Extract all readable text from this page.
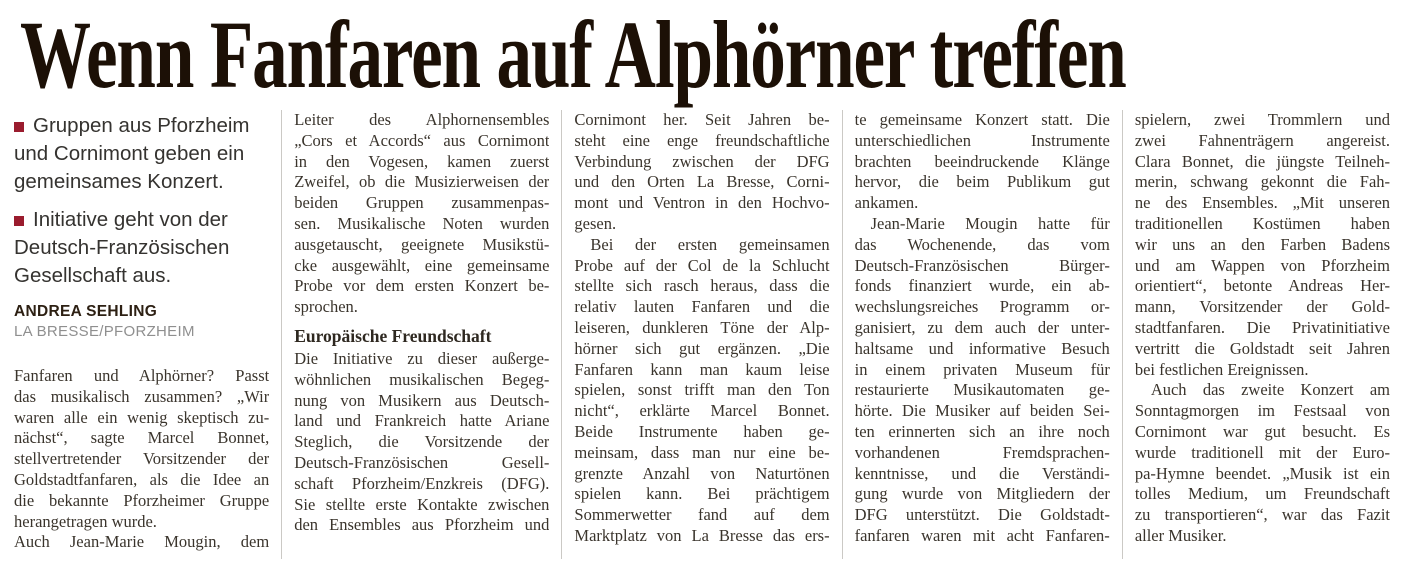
Wenn Fanfaren auf Alphörner treffen
Gruppen aus Pforzheim
und Cornimont geben ein
gemeinsames Konzert.
Initiative geht von der
Deutsch-Französischen
Gesellschaft aus.
ANDREA SEHLING
LA BRESSE/PFORZHEIM
Fanfaren und Alphörner? Passt
das musikalisch zusammen? „Wir
waren alle ein wenig skeptisch zu-
nächst“, sagte Marcel Bonnet,
stellvertretender Vorsitzender der
Goldstadtfanfaren, als die Idee an
die bekannte Pforzheimer Gruppe
herangetragen wurde.
Auch Jean-Marie Mougin, dem
Leiter des Alphornensembles
„Cors et Accords“ aus Cornimont
in den Vogesen, kamen zuerst
Zweifel, ob die Musizierweisen der
beiden Gruppen zusammenpas-
sen. Musikalische Noten wurden
ausgetauscht, geeignete Musikstü-
cke ausgewählt, eine gemeinsame
Probe vor dem ersten Konzert be-
sprochen.
Europäische Freundschaft
Die Initiative zu dieser außerge-
wöhnlichen musikalischen Begeg-
nung von Musikern aus Deutsch-
land und Frankreich hatte Ariane
Steglich, die Vorsitzende der
Deutsch-Französischen Gesell-
schaft Pforzheim/Enzkreis (DFG).
Sie stellte erste Kontakte zwischen
den Ensembles aus Pforzheim und
Cornimont her. Seit Jahren be-
steht eine enge freundschaftliche
Verbindung zwischen der DFG
und den Orten La Bresse, Corni-
mont und Ventron in den Hochvo-
gesen.
Bei der ersten gemeinsamen
Probe auf der Col de la Schlucht
stellte sich rasch heraus, dass die
relativ lauten Fanfaren und die
leiseren, dunkleren Töne der Alp-
hörner sich gut ergänzen. „Die
Fanfaren kann man kaum leise
spielen, sonst trifft man den Ton
nicht“, erklärte Marcel Bonnet.
Beide Instrumente haben ge-
meinsam, dass man nur eine be-
grenzte Anzahl von Naturtönen
spielen kann. Bei prächtigem
Sommerwetter fand auf dem
Marktplatz von La Bresse das ers-
te gemeinsame Konzert statt. Die
unterschiedlichen Instrumente
brachten beeindruckende Klänge
hervor, die beim Publikum gut
ankamen.
Jean-Marie Mougin hatte für
das Wochenende, das vom
Deutsch-Französischen Bürger-
fonds finanziert wurde, ein ab-
wechslungsreiches Programm or-
ganisiert, zu dem auch der unter-
haltsame und informative Besuch
in einem privaten Museum für
restaurierte Musikautomaten ge-
hörte. Die Musiker auf beiden Sei-
ten erinnerten sich an ihre noch
vorhandenen Fremdsprachen-
kenntnisse, und die Verständi-
gung wurde von Mitgliedern der
DFG unterstützt. Die Goldstadt-
fanfaren waren mit acht Fanfaren-
spielern, zwei Trommlern und
zwei Fahnenträgern angereist.
Clara Bonnet, die jüngste Teilneh-
merin, schwang gekonnt die Fah-
ne des Ensembles. „Mit unseren
traditionellen Kostümen haben
wir uns an den Farben Badens
und am Wappen von Pforzheim
orientiert“, betonte Andreas Her-
mann, Vorsitzender der Gold-
stadtfanfaren. Die Privatinitiative
vertritt die Goldstadt seit Jahren
bei festlichen Ereignissen.
Auch das zweite Konzert am
Sonntagmorgen im Festsaal von
Cornimont war gut besucht. Es
wurde traditionell mit der Euro-
pa-Hymne beendet. „Musik ist ein
tolles Medium, um Freundschaft
zu transportieren“, war das Fazit
aller Musiker.
